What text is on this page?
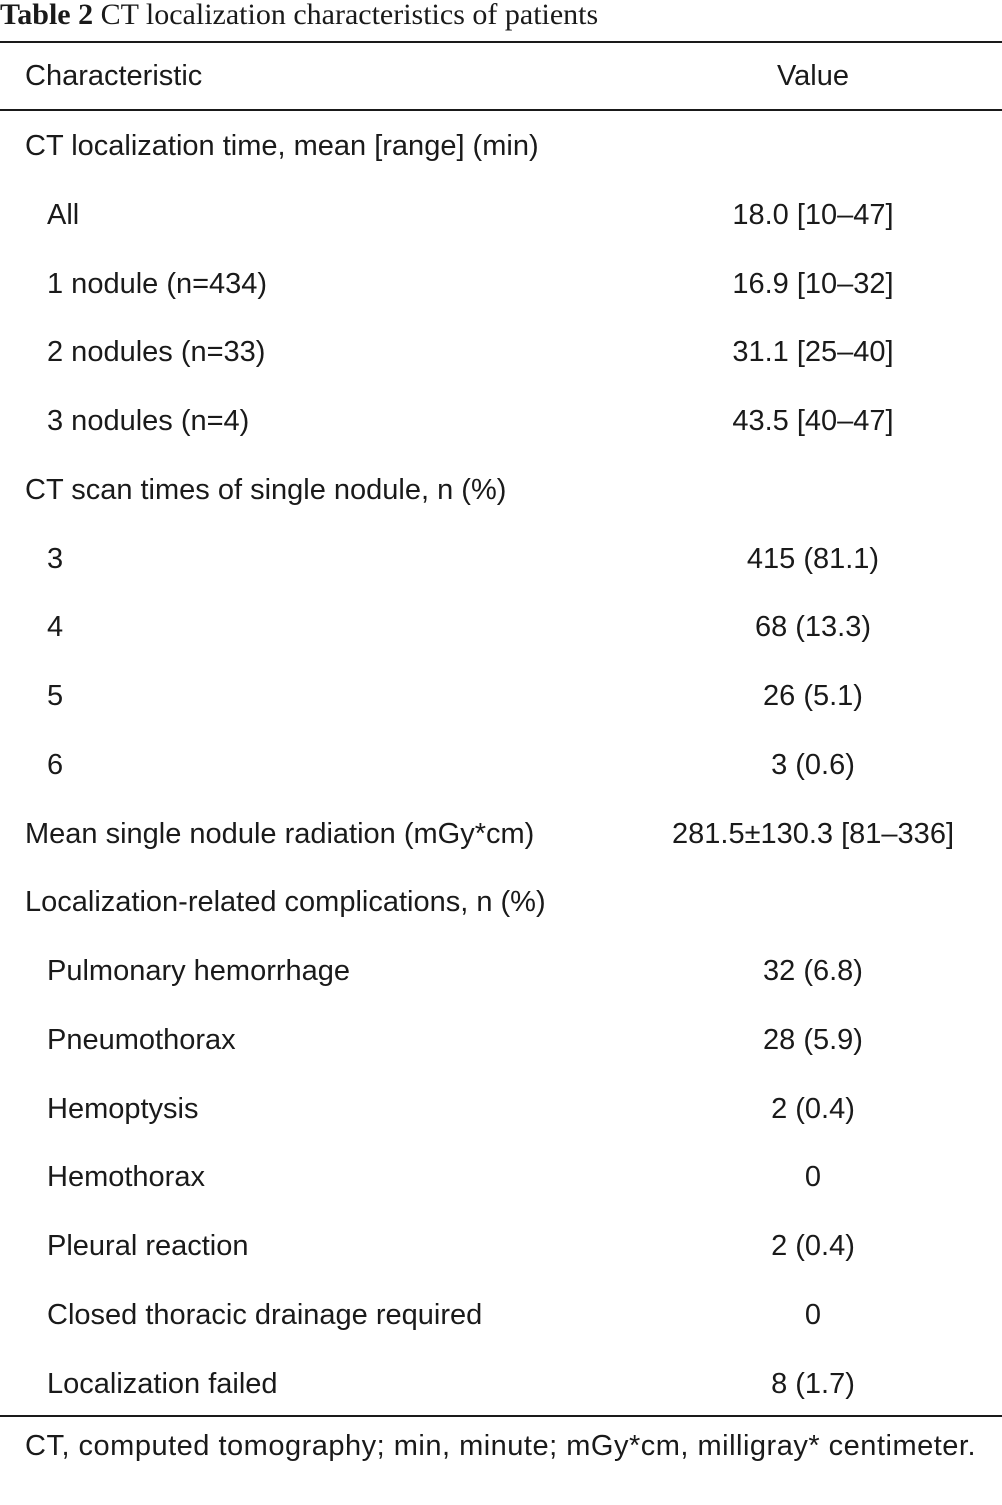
Table 2 CT localization characteristics of patients
Characteristic	Value
CT localization time, mean [range] (min)
All	18.0 [10–47]
1 nodule (n=434)	16.9 [10–32]
2 nodules (n=33)	31.1 [25–40]
3 nodules (n=4)	43.5 [40–47]
CT scan times of single nodule, n (%)
3	415 (81.1)
4	68 (13.3)
5	26 (5.1)
6	3 (0.6)
Mean single nodule radiation (mGy*cm)	281.5±130.3 [81–336]
Localization-related complications, n (%)
Pulmonary hemorrhage	32 (6.8)
Pneumothorax	28 (5.9)
Hemoptysis	2 (0.4)
Hemothorax	0
Pleural reaction	2 (0.4)
Closed thoracic drainage required	0
Localization failed	8 (1.7)
CT, computed tomography; min, minute; mGy*cm, milligray* centimeter.
